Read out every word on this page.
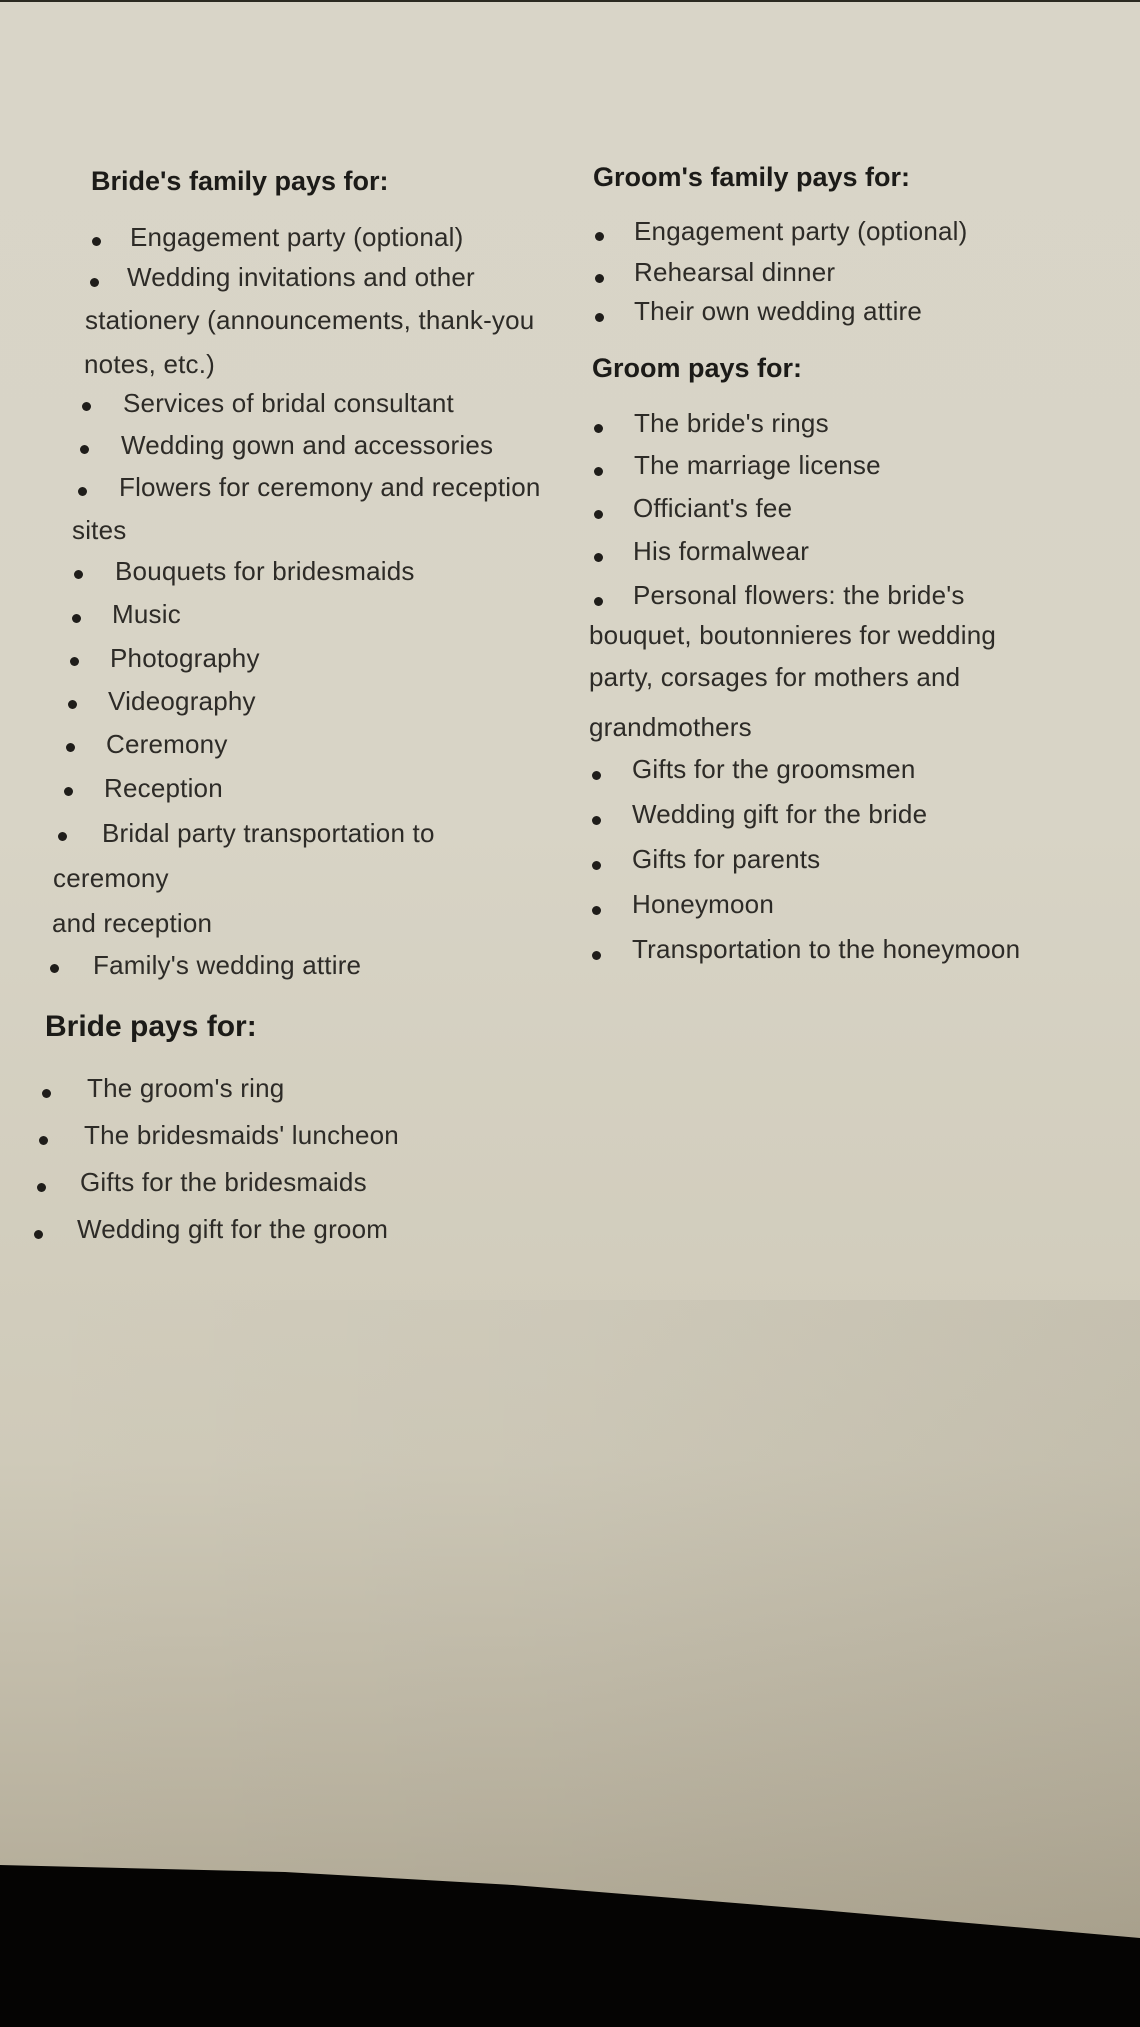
Bride's family pays for:
Engagement party (optional)
Wedding invitations and other
stationery (announcements, thank-you
notes, etc.)
Services of bridal consultant
Wedding gown and accessories
Flowers for ceremony and reception
sites
Bouquets for bridesmaids
Music
Photography
Videography
Ceremony
Reception
Bridal party transportation to
ceremony
and reception
Family's wedding attire
Bride pays for:
The groom's ring
The bridesmaids' luncheon
Gifts for the bridesmaids
Wedding gift for the groom
Groom's family pays for:
Engagement party (optional)
Rehearsal dinner
Their own wedding attire
Groom pays for:
The bride's rings
The marriage license
Officiant's fee
His formalwear
Personal flowers: the bride's
bouquet, boutonnieres for wedding
party, corsages for mothers and
grandmothers
Gifts for the groomsmen
Wedding gift for the bride
Gifts for parents
Honeymoon
Transportation to the honeymoon
